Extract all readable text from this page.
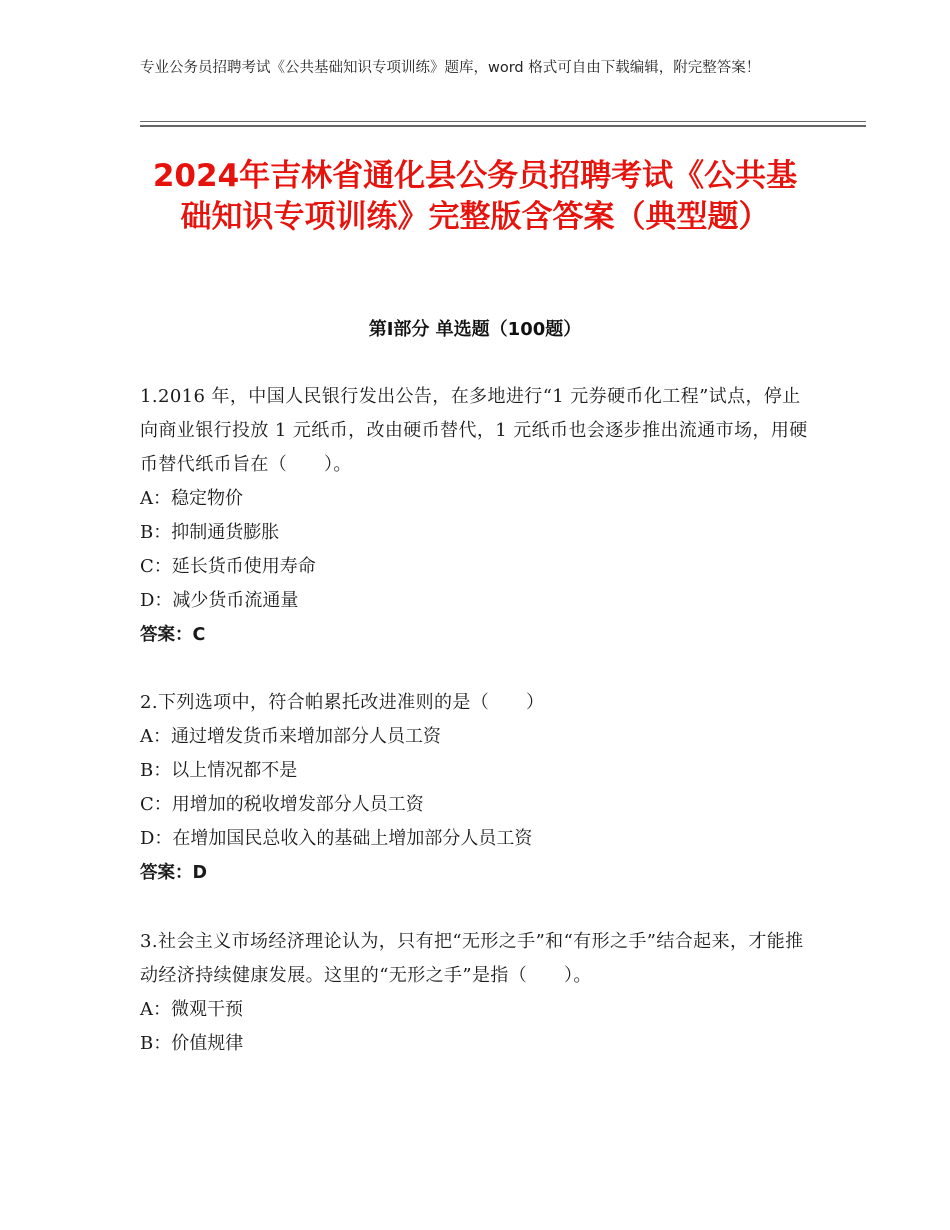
专业公务员招聘考试《公共基础知识专项训练》题库，word 格式可自由下载编辑，附完整答案！
2024年吉林省通化县公务员招聘考试《公共基础知识专项训练》完整版含答案（典型题）
第Ⅰ部分 单选题（100题）
1.2016 年，中国人民银行发出公告，在多地进行“1 元券硬币化工程”试点，停止向商业银行投放 1 元纸币，改由硬币替代，1 元纸币也会逐步推出流通市场，用硬币替代纸币旨在（　　）。
A：稳定物价
B：抑制通货膨胀
C：延长货币使用寿命
D：减少货币流通量
答案：C
2.下列选项中，符合帕累托改进准则的是（　　）
A：通过增发货币来增加部分人员工资
B：以上情况都不是
C：用增加的税收增发部分人员工资
D：在增加国民总收入的基础上增加部分人员工资
答案：D
3.社会主义市场经济理论认为，只有把“无形之手”和“有形之手”结合起来，才能推动经济持续健康发展。这里的“无形之手”是指（　　）。
A：微观干预
B：价值规律
